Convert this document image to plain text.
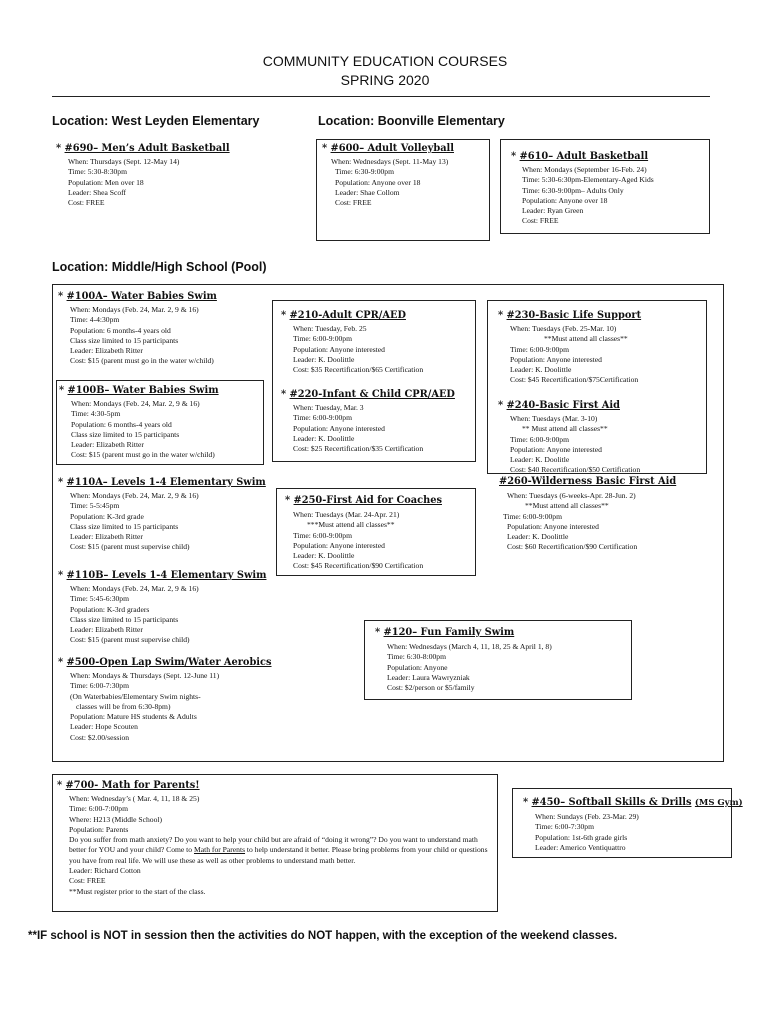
COMMUNITY EDUCATION COURSES
SPRING 2020
Location: West Leyden Elementary	Location: Boonville Elementary
* #690– Men’s Adult Basketball
When: Thursdays (Sept. 12-May 14)
Time: 5:30-8:30pm
Population: Men over 18
Leader: Shea Scoff
Cost: FREE
* #600– Adult Volleyball
When: Wednesdays (Sept. 11-May 13)
Time: 6:30-9:00pm
Population: Anyone over 18
Leader: Shae Collom
Cost: FREE
* #610– Adult Basketball
When: Mondays (September 16-Feb. 24)
Time: 5:30-6:30pm-Elementary-Aged Kids
Time: 6:30-9:00pm– Adults Only
Population: Anyone over 18
Leader: Ryan Green
Cost: FREE
Location: Middle/High School (Pool)
* #100A– Water Babies Swim
When: Mondays (Feb. 24, Mar. 2, 9 & 16)
Time: 4-4:30pm
Population: 6 months-4 years old
Class size limited to 15 participants
Leader: Elizabeth Ritter
Cost: $15 (parent must go in the water w/child)
* #100B– Water Babies Swim
When: Mondays (Feb. 24, Mar. 2, 9 & 16)
Time: 4:30-5pm
Population: 6 months-4 years old
Class size limited to 15 participants
Leader: Elizabeth Ritter
Cost: $15 (parent must go in the water w/child)
* #110A– Levels 1-4 Elementary Swim
When: Mondays (Feb. 24, Mar. 2, 9 & 16)
Time: 5-5:45pm
Population: K-3rd grade
Class size limited to 15 participants
Leader: Elizabeth Ritter
Cost: $15 (parent must supervise child)
* #110B– Levels 1-4 Elementary Swim
When: Mondays (Feb. 24, Mar. 2, 9 & 16)
Time: 5:45-6:30pm
Population: K-3rd graders
Class size limited to 15 participants
Leader: Elizabeth Ritter
Cost: $15 (parent must supervise child)
* #500-Open Lap Swim/Water Aerobics
When: Mondays & Thursdays (Sept. 12-June 11)
Time: 6:00-7:30pm
(On Waterbabies/Elementary Swim nights-
classes will be from 6:30-8pm)
Population: Mature HS students & Adults
Leader: Hope Scouten
Cost: $2.00/session
* #210-Adult CPR/AED
When: Tuesday, Feb. 25
Time: 6:00-9:00pm
Population: Anyone interested
Leader: K. Doolittle
Cost: $35 Recertification/$65 Certification
* #220-Infant & Child CPR/AED
When: Tuesday, Mar. 3
Time: 6:00-9:00pm
Population: Anyone interested
Leader: K. Doolittle
Cost: $25 Recertification/$35 Certification
* #250-First Aid for Coaches
When: Tuesdays (Mar. 24-Apr. 21)
***Must attend all classes**
Time: 6:00-9:00pm
Population: Anyone interested
Leader: K. Doolittle
Cost: $45 Recertification/$90 Certification
* #230-Basic Life Support
When: Tuesdays (Feb. 25-Mar. 10)
**Must attend all classes**
Time: 6:00-9:00pm
Population: Anyone interested
Leader: K. Doolittle
Cost: $45 Recertification/$75Certification
* #240-Basic First Aid
When: Tuesdays (Mar. 3-10)
** Must attend all classes**
Time: 6:00-9:00pm
Population: Anyone interested
Leader: K. Doolitle
Cost: $40 Recertification/$50 Certification
#260-Wilderness Basic First Aid
When: Tuesdays (6-weeks-Apr. 28-Jun. 2)
**Must attend all classes**
Time: 6:00-9:00pm
Population: Anyone interested
Leader: K. Doolittle
Cost: $60 Recertification/$90 Certification
* #120– Fun Family Swim
When: Wednesdays (March 4, 11, 18, 25 & April 1, 8)
Time: 6:30-8:00pm
Population: Anyone
Leader: Laura Wawryzniak
Cost: $2/person or $5/family
* #700- Math for Parents!
When: Wednesday’s ( Mar. 4, 11, 18 & 25)
Time: 6:00-7:00pm
Where: H213 (Middle School)
Population: Parents
Do you suffer from math anxiety? Do you want to help your child but are afraid of “doing it wrong”? Do you want to understand math better for YOU and your child? Come to Math for Parents to help understand it better. Please bring problems from your child or questions you have from real life. We will use these as well as other problems to understand math better.
Leader: Richard Cotton
Cost: FREE
**Must register prior to the start of the class.
* #450– Softball Skills & Drills (MS Gym)
When: Sundays (Feb. 23-Mar. 29)
Time: 6:00-7:30pm
Population: 1st-6th grade girls
Leader: Americo Ventiquattro
**IF school is NOT in session then the activities do NOT happen, with the exception of the weekend classes.
